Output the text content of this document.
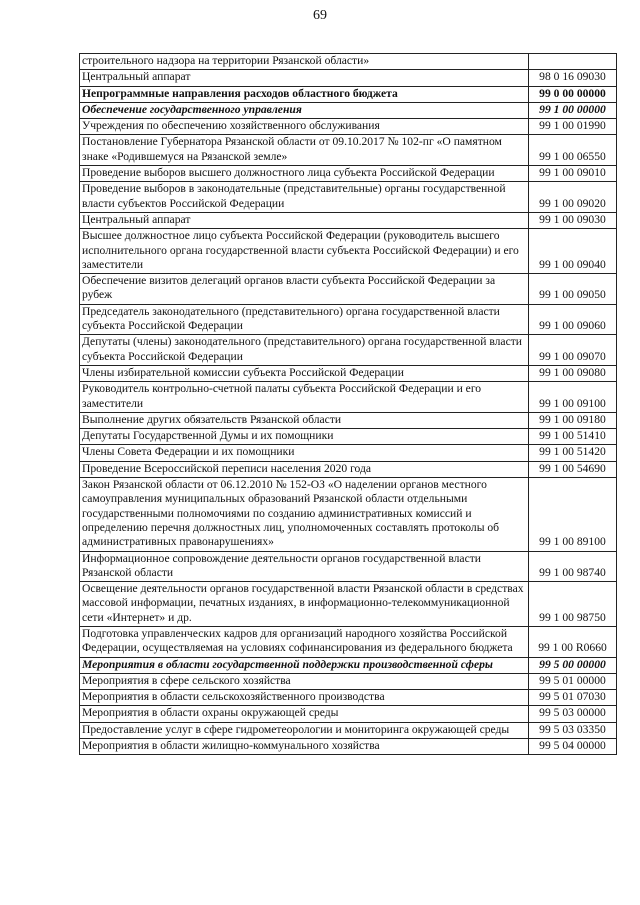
69
строительного надзора на территории Рязанской области»	
Центральный аппарат	98 0 16 09030
Непрограммные направления расходов областного бюджета	99 0 00 00000
Обеспечение государственного управления	99 1 00 00000
Учреждения по обеспечению хозяйственного обслуживания	99 1 00 01990
Постановление Губернатора Рязанской области от 09.10.2017 № 102-пг «О памятном знаке «Родившемуся на Рязанской земле»	99 1 00 06550
Проведение выборов высшего должностного лица субъекта Российской Федерации	99 1 00 09010
Проведение выборов в законодательные (представительные) органы государственной власти субъектов Российской Федерации	99 1 00 09020
Центральный аппарат	99 1 00 09030
Высшее должностное лицо субъекта Российской Федерации (руководитель высшего исполнительного органа государственной власти субъекта Российской Федерации) и его заместители	99 1 00 09040
Обеспечение визитов делегаций органов власти субъекта Российской Федерации за рубеж	99 1 00 09050
Председатель законодательного (представительного) органа государственной власти субъекта Российской Федерации	99 1 00 09060
Депутаты (члены) законодательного (представительного) органа государственной власти субъекта Российской Федерации	99 1 00 09070
Члены избирательной комиссии субъекта Российской Федерации	99 1 00 09080
Руководитель контрольно-счетной палаты субъекта Российской Федерации и его заместители	99 1 00 09100
Выполнение других обязательств Рязанской области	99 1 00 09180
Депутаты Государственной Думы и их помощники	99 1 00 51410
Члены Совета Федерации и их помощники	99 1 00 51420
Проведение Всероссийской переписи населения 2020 года	99 1 00 54690
Закон Рязанской области от 06.12.2010 № 152-ОЗ «О наделении органов местного самоуправления муниципальных образований Рязанской области отдельными государственными полномочиями по созданию административных комиссий и определению перечня должностных лиц, уполномоченных составлять протоколы об административных правонарушениях»	99 1 00 89100
Информационное сопровождение деятельности органов государственной власти Рязанской области	99 1 00 98740
Освещение деятельности органов государственной власти Рязанской области в средствах массовой информации, печатных изданиях, в информационно-телекоммуникационной сети «Интернет» и др.	99 1 00 98750
Подготовка управленческих кадров для организаций народного хозяйства Российской Федерации, осуществляемая на условиях софинансирования из федерального бюджета	99 1 00 R0660
Мероприятия в области государственной поддержки производственной сферы	99 5 00 00000
Мероприятия в сфере сельского хозяйства	99 5 01 00000
Мероприятия в области сельскохозяйственного производства	99 5 01 07030
Мероприятия в области охраны окружающей среды	99 5 03 00000
Предоставление услуг в сфере гидрометеорологии и мониторинга окружающей среды	99 5 03 03350
Мероприятия в области жилищно-коммунального хозяйства	99 5 04 00000
